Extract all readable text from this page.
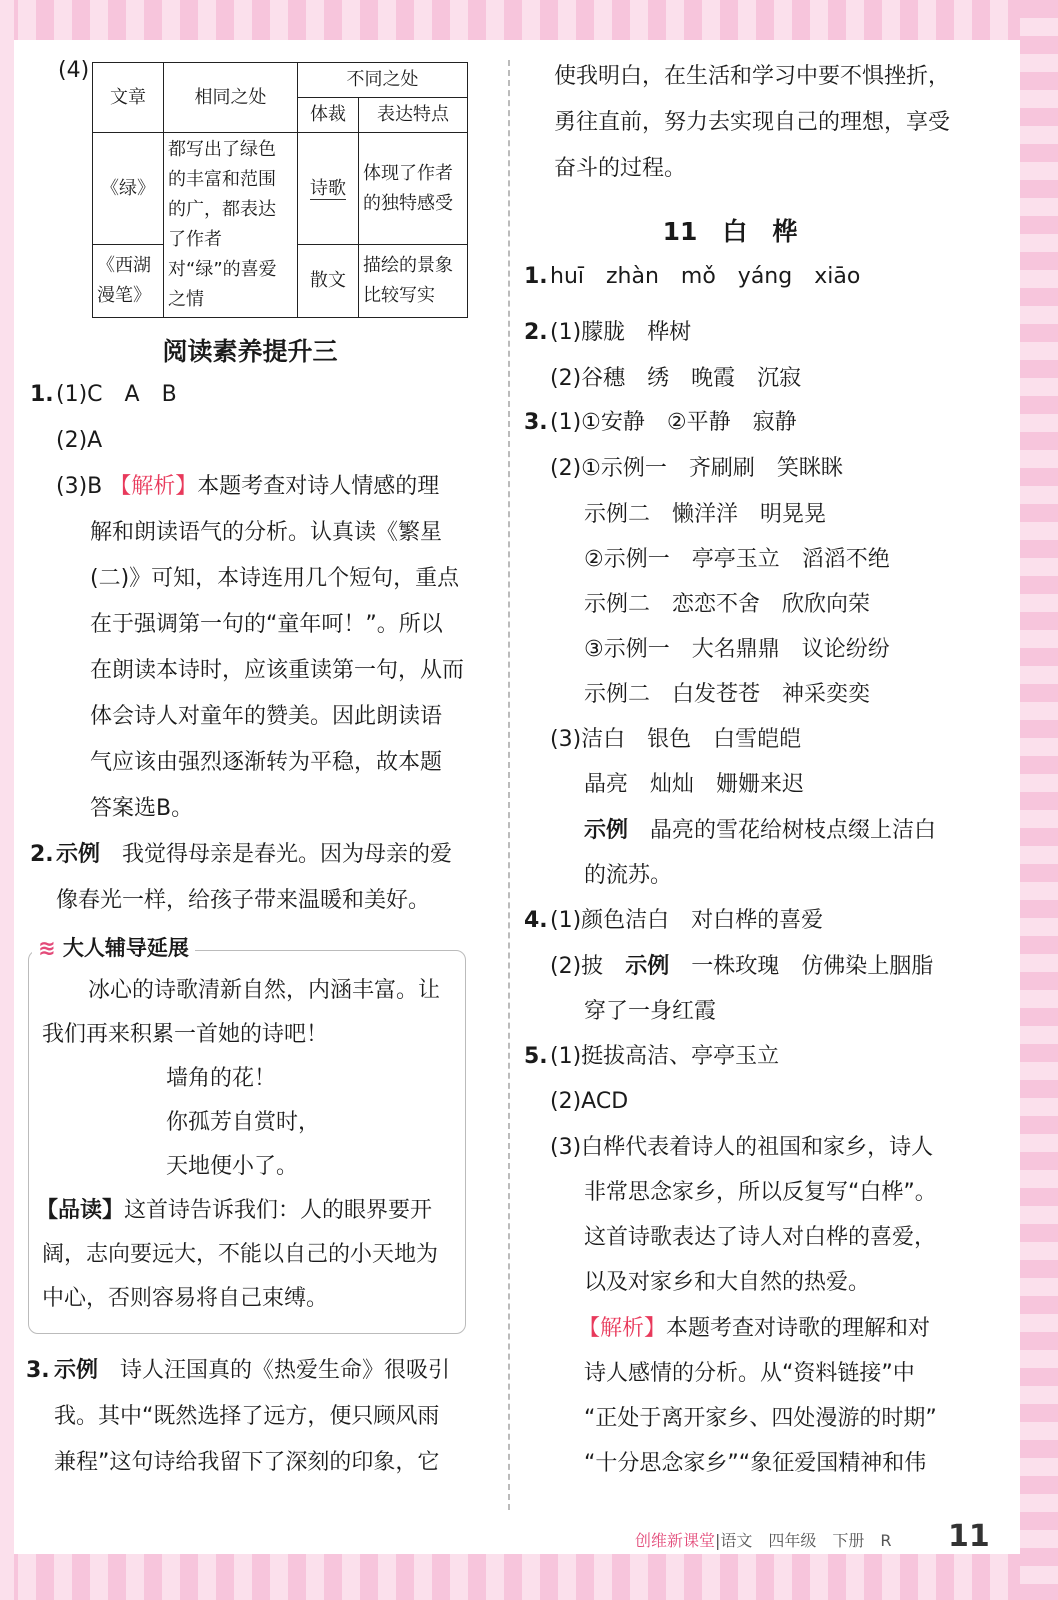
(4)
文章	相同之处	不同之处	
		体裁	表达特点
《绿》	都写出了绿色的丰富和范围的广，都表达了作者对“绿”的喜爱之情	诗歌	体现了作者的独特感受
《西湖漫笔》		散文	描绘的景象比较写实
阅读素养提升三
1. (1)C　A　B
(2)A
(3)B 【解析】本题考查对诗人情感的理
解和朗读语气的分析。认真读《繁星
(二)》可知，本诗连用几个短句，重点
在于强调第一句的“童年呵！”。所以
在朗读本诗时，应该重读第一句，从而
体会诗人对童年的赞美。因此朗读语
气应该由强烈逐渐转为平稳，故本题
答案选B。
2. 示例　 我觉得母亲是春光。因为母亲的爱
像春光一样，给孩子带来温暖和美好。
≋ 大人辅导延展
冰心的诗歌清新自然，内涵丰富。让
我们再来积累一首她的诗吧！
墙角的花！
你孤芳自赏时，
天地便小了。
【品读】这首诗告诉我们：人的眼界要开
阔，志向要远大，不能以自己的小天地为
中心，否则容易将自己束缚。
3. 示例　 诗人汪国真的《热爱生命》很吸引
我。其中“既然选择了远方，便只顾风雨
兼程”这句诗给我留下了深刻的印象，它
使我明白，在生活和学习中要不惧挫折，
勇往直前，努力去实现自己的理想，享受
奋斗的过程。
11　白　桦
1. huī　zhàn　mǒ　yáng　xiāo
2. (1)朦胧　桦树
(2)谷穗　绣　晚霞　沉寂
3. (1)①安静　②平静　寂静
(2)①示例一　齐刷刷　笑眯眯
示例二　懒洋洋　明晃晃
②示例一　亭亭玉立　滔滔不绝
示例二　恋恋不舍　欣欣向荣
③示例一　大名鼎鼎　议论纷纷
示例二　白发苍苍　神采奕奕
(3)洁白　银色　白雪皑皑
晶亮　灿灿　姗姗来迟
示例　 晶亮的雪花给树枝点缀上洁白
的流苏。
4. (1)颜色洁白　对白桦的喜爱
(2)披　 示例　 一株玫瑰　仿佛染上胭脂
穿了一身红霞
5. (1)挺拔高洁、亭亭玉立
(2)ACD
(3)白桦代表着诗人的祖国和家乡，诗人
非常思念家乡，所以反复写“白桦”。
这首诗歌表达了诗人对白桦的喜爱，
以及对家乡和大自然的热爱。
【解析】本题考查对诗歌的理解和对
诗人感情的分析。从“资料链接”中
“正处于离开家乡、四处漫游的时期”
“十分思念家乡”“象征爱国精神和伟
创维新课堂|语文　四年级　下册　R 11
